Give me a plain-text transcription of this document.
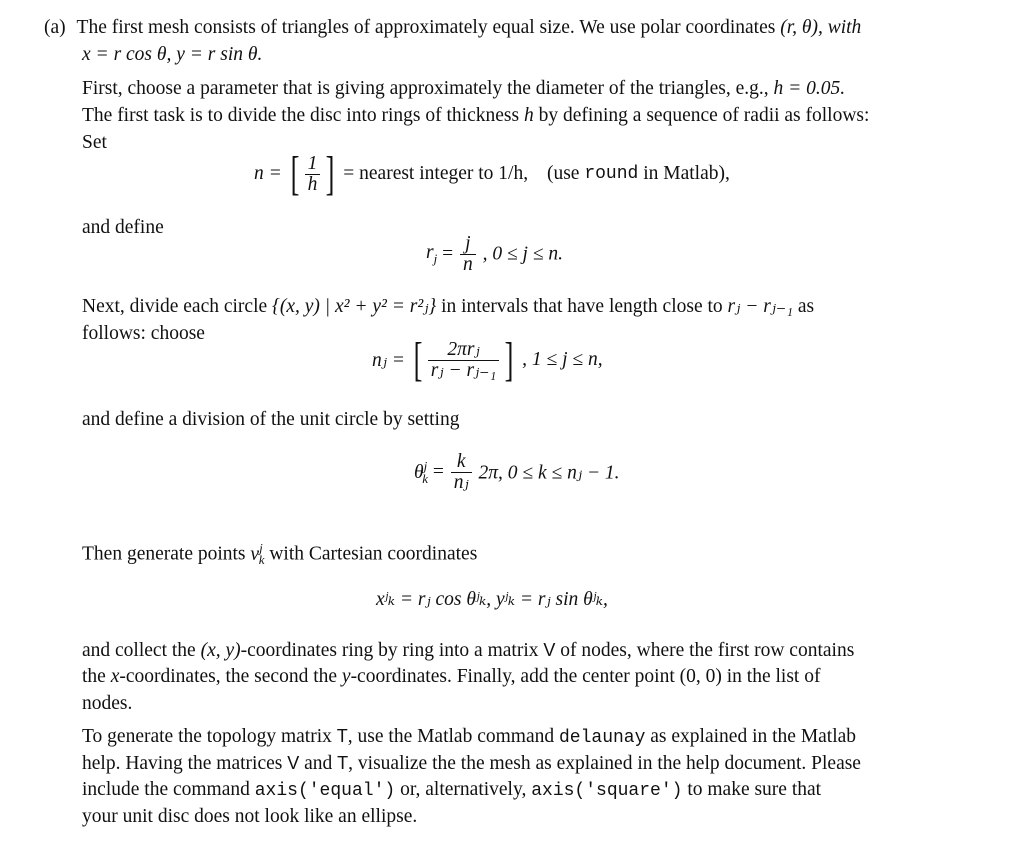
(a) The first mesh consists of triangles of approximately equal size. We use polar coordinates (r, θ), with
x = r cos θ, y = r sin θ.
First, choose a parameter that is giving approximately the diameter of the triangles, e.g., h = 0.05.
The first task is to divide the disc into rings of thickness h by defining a sequence of radii as follows:
Set
n = [ $\frac{1}{h}$ ] = nearest integer to 1/h, (use round in Matlab),
and define
$r_j = \frac{j}{n}$ , 0 ≤ j ≤ n.
Next, divide each circle {(x, y) | x² + y² = r²ⱼ} in intervals that have length close to rⱼ − rⱼ₋₁ as
follows: choose
nⱼ = [ $\frac{\text{2πrⱼ}}{\text{rⱼ − rⱼ₋₁}}$ ] , 1 ≤ j ≤ n,
and define a division of the unit circle by setting
$\theta^j_k = \frac{k}{\text{nⱼ}} 2\pi$, 0 ≤ k ≤ nⱼ − 1.
Then generate points $v^j_k$ with Cartesian coordinates
xʲₖ = rⱼ cos θʲₖ, yʲₖ = rⱼ sin θʲₖ,
and collect the (x, y)-coordinates ring by ring into a matrix V of nodes, where the first row contains
the x-coordinates, the second the y-coordinates. Finally, add the center point (0, 0) in the list of
nodes.
To generate the topology matrix T, use the Matlab command delaunay as explained in the Matlab
help. Having the matrices V and T, visualize the the mesh as explained in the help document. Please
include the command axis('equal') or, alternatively, axis('square') to make sure that
your unit disc does not look like an ellipse.
